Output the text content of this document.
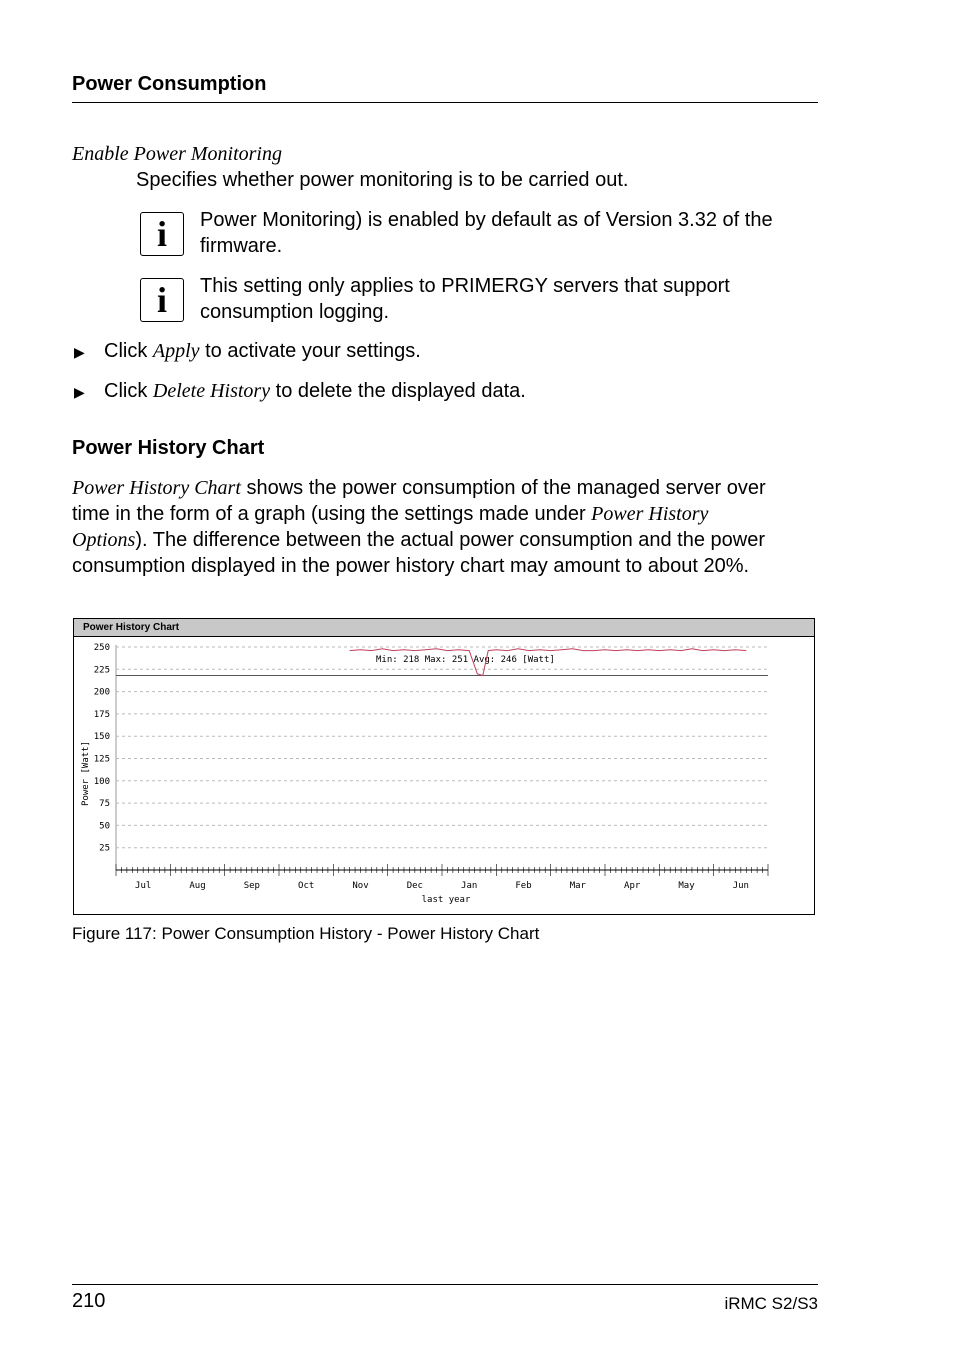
Power Consumption
Enable Power Monitoring
Specifies whether power monitoring is to be carried out.
i	Power Monitoring) is enabled by default as of Version 3.32 of the
firmware.
i	This setting only applies to PRIMERGY servers that support
consumption logging.
▶ Click Apply to activate your settings.
▶ Click Delete History to delete the displayed data.
Power History Chart
Power History Chart shows the power consumption of the managed server over
time in the form of a graph (using the settings made under Power History
Options). The difference between the actual power consumption and the power
consumption displayed in the power history chart may amount to about 20%.
Power History Chart
250
225
200
175
150
125
100
75
50
25
Jul	Aug	Sep	Oct	Nov	Dec	Jan	Feb	Mar	Apr	May	Jun
last year
Power [Watt]
Min: 218 Max: 251 Avg: 246 [Watt]
Figure 117: Power Consumption History - Power History Chart
210	iRMC S2/S3
